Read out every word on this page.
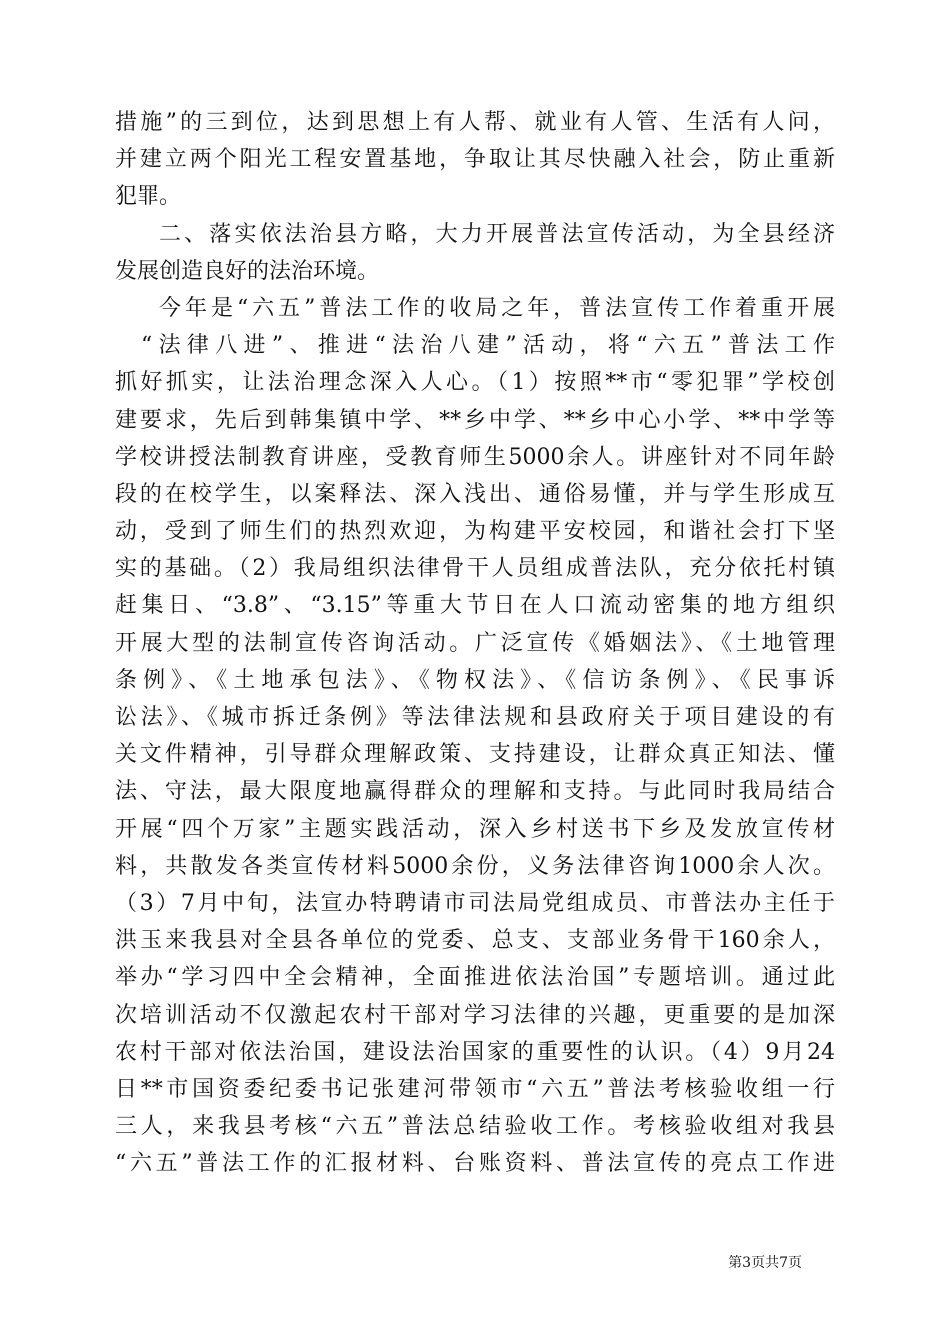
措施”的三到位，达到思想上有人帮、就业有人管、生活有人问，
并建立两个阳光工程安置基地，争取让其尽快融入社会，防止重新
犯罪。
二、落实依法治县方略，大力开展普法宣传活动，为全县经济
发展创造良好的法治环境。
今年是“六五”普法工作的收局之年，普法宣传工作着重开展
“法律八进”、推进“法治八建”活动，将“六五”普法工作
抓好抓实，让法治理念深入人心。（1）按照**市“零犯罪”学校创
建要求，先后到韩集镇中学、**乡中学、**乡中心小学、**中学等
学校讲授法制教育讲座，受教育师生5000余人。讲座针对不同年龄
段的在校学生，以案释法、深入浅出、通俗易懂，并与学生形成互
动，受到了师生们的热烈欢迎，为构建平安校园，和谐社会打下坚
实的基础。（2）我局组织法律骨干人员组成普法队，充分依托村镇
赶集日、“3.8”、“3.15”等重大节日在人口流动密集的地方组织
开展大型的法制宣传咨询活动。广泛宣传《婚姻法》、《土地管理
条例》、《土地承包法》、《物权法》、《信访条例》、《民事诉
讼法》、《城市拆迁条例》等法律法规和县政府关于项目建设的有
关文件精神，引导群众理解政策、支持建设，让群众真正知法、懂
法、守法，最大限度地赢得群众的理解和支持。与此同时我局结合
开展“四个万家”主题实践活动，深入乡村送书下乡及发放宣传材
料，共散发各类宣传材料5000余份，义务法律咨询1000余人次。
（3）7月中旬，法宣办特聘请市司法局党组成员、市普法办主任于
洪玉来我县对全县各单位的党委、总支、支部业务骨干160余人，
举办“学习四中全会精神，全面推进依法治国”专题培训。通过此
次培训活动不仅激起农村干部对学习法律的兴趣，更重要的是加深
农村干部对依法治国，建设法治国家的重要性的认识。（4）9月24
日**市国资委纪委书记张建河带领市“六五”普法考核验收组一行
三人，来我县考核“六五”普法总结验收工作。考核验收组对我县
“六五”普法工作的汇报材料、台账资料、普法宣传的亮点工作进
第3页共7页
